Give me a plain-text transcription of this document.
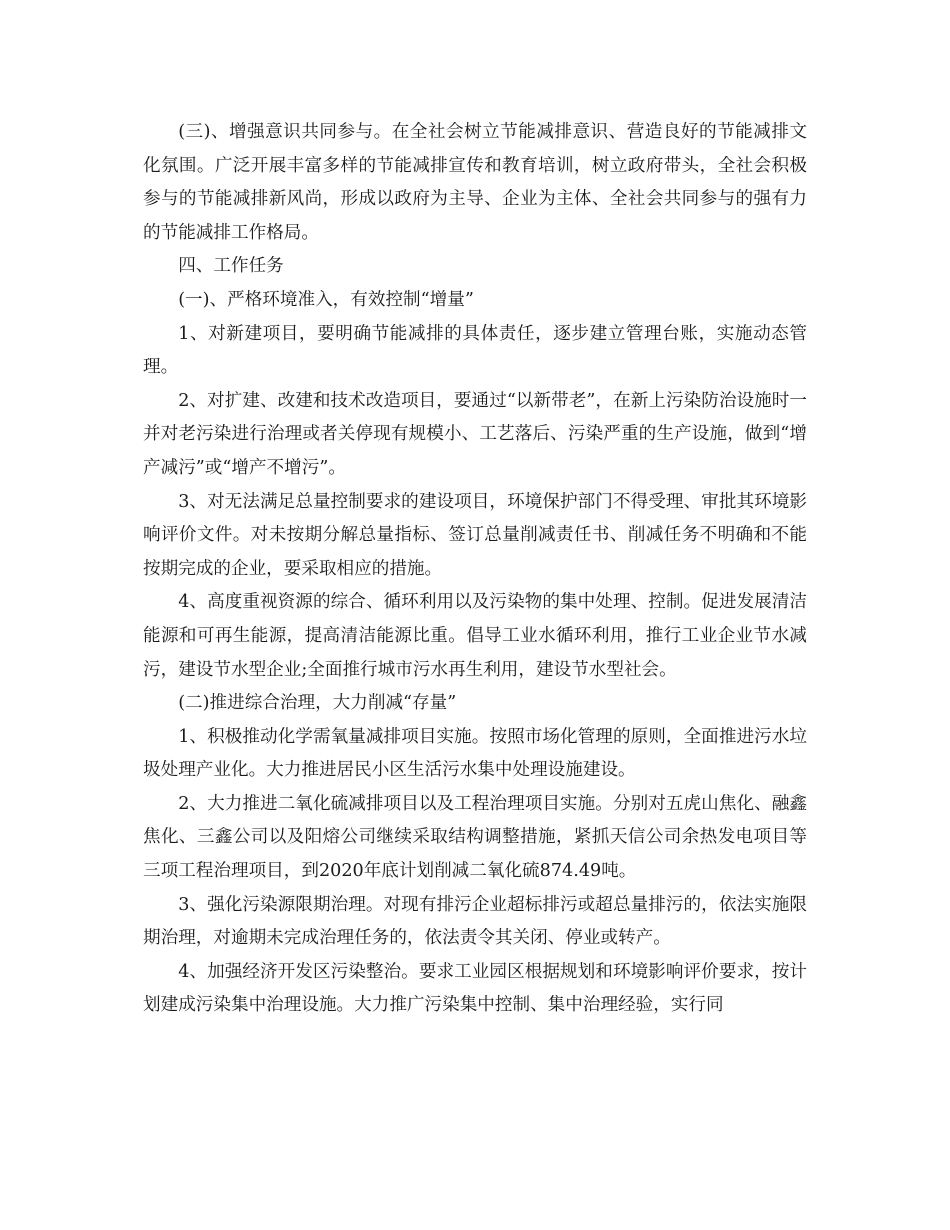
(三)、增强意识共同参与。在全社会树立节能减排意识、营造良好的节能减排文化氛围。广泛开展丰富多样的节能减排宣传和教育培训，树立政府带头，全社会积极参与的节能减排新风尚，形成以政府为主导、企业为主体、全社会共同参与的强有力的节能减排工作格局。

四、工作任务

(一)、严格环境准入，有效控制“增量”

1、对新建项目，要明确节能减排的具体责任，逐步建立管理台账，实施动态管理。

2、对扩建、改建和技术改造项目，要通过“以新带老”，在新上污染防治设施时一并对老污染进行治理或者关停现有规模小、工艺落后、污染严重的生产设施，做到“增产减污”或“增产不增污”。

3、对无法满足总量控制要求的建设项目，环境保护部门不得受理、审批其环境影响评价文件。对未按期分解总量指标、签订总量削减责任书、削减任务不明确和不能按期完成的企业，要采取相应的措施。

4、高度重视资源的综合、循环利用以及污染物的集中处理、控制。促进发展清洁能源和可再生能源，提高清洁能源比重。倡导工业水循环利用，推行工业企业节水减污，建设节水型企业;全面推行城市污水再生利用，建设节水型社会。

(二)推进综合治理，大力削减“存量”

1、积极推动化学需氧量减排项目实施。按照市场化管理的原则，全面推进污水垃圾处理产业化。大力推进居民小区生活污水集中处理设施建设。

2、大力推进二氧化硫减排项目以及工程治理项目实施。分别对五虎山焦化、融鑫焦化、三鑫公司以及阳熔公司继续采取结构调整措施，紧抓天信公司余热发电项目等三项工程治理项目，到2020年底计划削减二氧化硫874.49吨。

3、强化污染源限期治理。对现有排污企业超标排污或超总量排污的，依法实施限期治理，对逾期未完成治理任务的，依法责令其关闭、停业或转产。

4、加强经济开发区污染整治。要求工业园区根据规划和环境影响评价要求，按计划建成污染集中治理设施。大力推广污染集中控制、集中治理经验，实行同
